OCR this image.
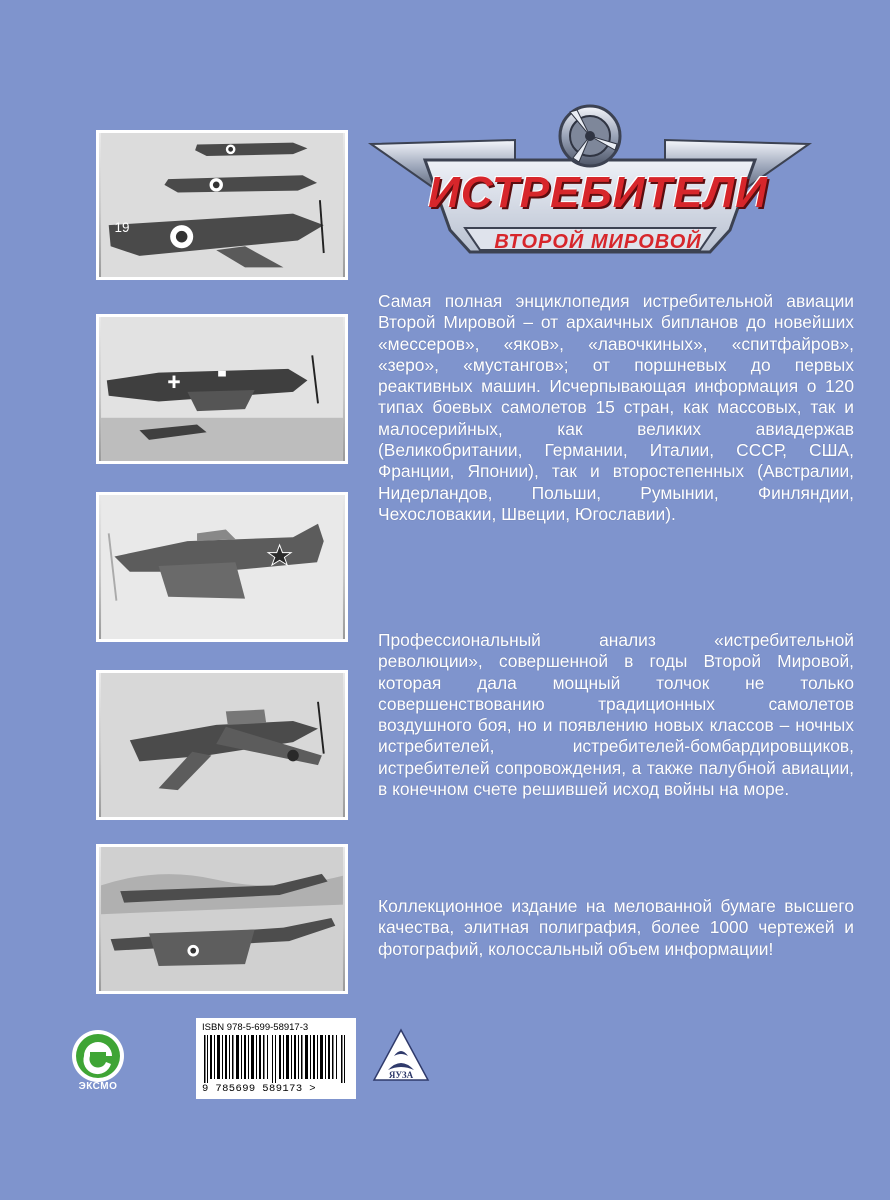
19
ИСТРЕБИТЕЛИ
ВТОРОЙ МИРОВОЙ

Самая полная энциклопедия истребительной авиации Второй Мировой – от архаичных бипланов до новейших «мессеров», «яков», «лавочкиных», «спитфайров», «зеро», «мустангов»; от поршневых до первых реактивных машин. Исчерпывающая информация о 120 типах боевых самолетов 15 стран, как массовых, так и малосерийных, как великих авиадержав (Великобритании, Германии, Италии, СССР, США, Франции, Японии), так и второстепенных (Австралии, Нидерландов, Польши, Румынии, Финляндии, Чехословакии, Швеции, Югославии).

Профессиональный анализ «истребительной революции», совершенной в годы Второй Мировой, которая дала мощный толчок не только совершенствованию традиционных самолетов воздушного боя, но и появлению новых классов – ночных истребителей, истребителей-бомбардировщиков, истребителей сопровождения, а также палубной авиации, в конечном счете решившей исход войны на море.

Коллекционное издание на мелованной бумаге высшего качества, элитная полиграфия, более 1000 чертежей и фотографий, колоссальный объем информации!

ЭКСМО
ISBN 978-5-699-58917-3
9 785699 589173 >
ЯУЗА
